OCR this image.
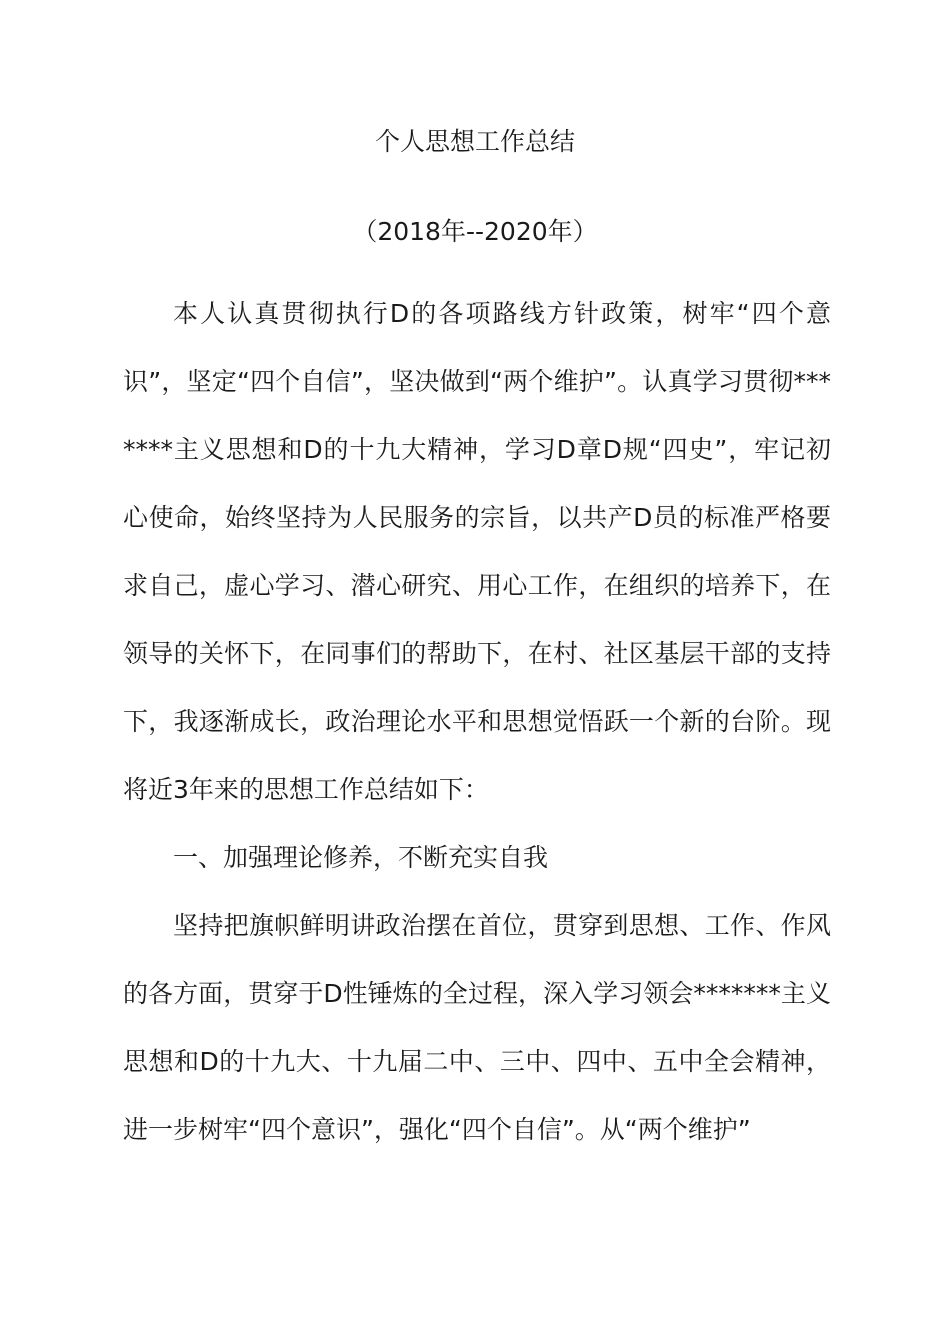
个人思想工作总结
（2018年--2020年）

本人认真贯彻执行D的各项路线方针政策，树牢“四个意识”，坚定“四个自信”，坚决做到“两个维护”。认真学习贯彻*******主义思想和D的十九大精神，学习D章D规“四史”，牢记初心使命，始终坚持为人民服务的宗旨，以共产D员的标准严格要求自己，虚心学习、潜心研究、用心工作，在组织的培养下，在领导的关怀下，在同事们的帮助下，在村、社区基层干部的支持下，我逐渐成长，政治理论水平和思想觉悟跃一个新的台阶。现将近3年来的思想工作总结如下：

一、加强理论修养，不断充实自我

坚持把旗帜鲜明讲政治摆在首位，贯穿到思想、工作、作风的各方面，贯穿于D性锤炼的全过程，深入学习领会*******主义思想和D的十九大、十九届二中、三中、四中、五中全会精神，进一步树牢“四个意识”，强化“四个自信”。从“两个维护”
